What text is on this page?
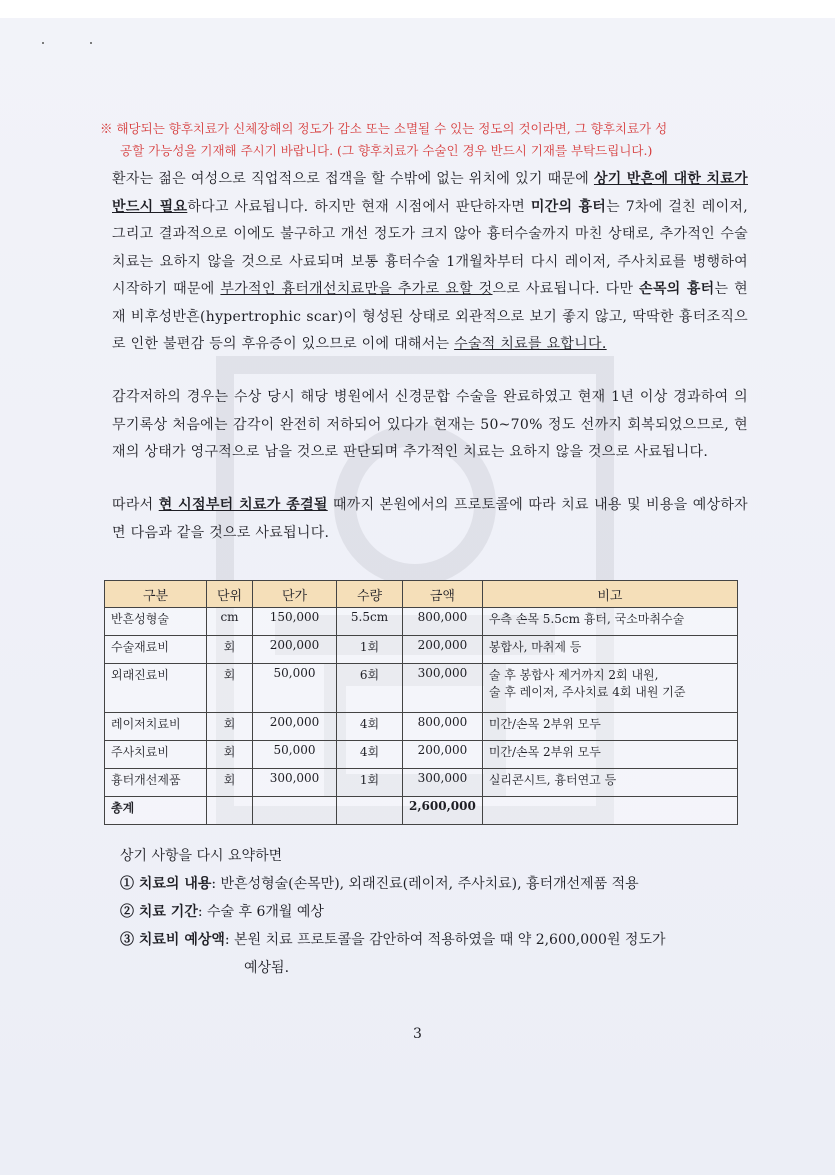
※ 해당되는 향후치료가 신체장해의 정도가 감소 또는 소멸될 수 있는 정도의 것이라면, 그 향후치료가 성
공할 가능성을 기재해 주시기 바랍니다. (그 향후치료가 수술인 경우 반드시 기재를 부탁드립니다.)
환자는 젊은 여성으로 직업적으로 접객을 할 수밖에 없는 위치에 있기 때문에 상기 반흔에 대한 치료가 반드시 필요하다고 사료됩니다. 하지만 현재 시점에서 판단하자면 미간의 흉터는 7차에 걸친 레이저, 그리고 결과적으로 이에도 불구하고 개선 정도가 크지 않아 흉터수술까지 마친 상태로, 추가적인 수술치료는 요하지 않을 것으로 사료되며 보통 흉터수술 1개월차부터 다시 레이저, 주사치료를 병행하여 시작하기 때문에 부가적인 흉터개선치료만을 추가로 요할 것으로 사료됩니다. 다만 손목의 흉터는 현재 비후성반흔(hypertrophic scar)이 형성된 상태로 외관적으로 보기 좋지 않고, 딱딱한 흉터조직으로 인한 불편감 등의 후유증이 있으므로 이에 대해서는 수술적 치료를 요합니다.
감각저하의 경우는 수상 당시 해당 병원에서 신경문합 수술을 완료하였고 현재 1년 이상 경과하여 의무기록상 처음에는 감각이 완전히 저하되어 있다가 현재는 50~70% 정도 선까지 회복되었으므로, 현재의 상태가 영구적으로 남을 것으로 판단되며 추가적인 치료는 요하지 않을 것으로 사료됩니다.
따라서 현 시점부터 치료가 종결될 때까지 본원에서의 프로토콜에 따라 치료 내용 및 비용을 예상하자면 다음과 같을 것으로 사료됩니다.
구분	단위	단가	수량	금액	비고
반흔성형술	cm	150,000	5.5cm	800,000	우측 손목 5.5cm 흉터, 국소마취수술
수술재료비	회	200,000	1회	200,000	봉합사, 마취제 등
외래진료비	회	50,000	6회	300,000	술 후 봉합사 제거까지 2회 내원,
술 후 레이저, 주사치료 4회 내원 기준

레이저치료비	회	200,000	4회	800,000	미간/손목 2부위 모두
주사치료비	회	50,000	4회	200,000	미간/손목 2부위 모두
흉터개선제품	회	300,000	1회	300,000	실리콘시트, 흉터연고 등
총계				2,600,000	
상기 사항을 다시 요약하면
① 치료의 내용: 반흔성형술(손목만), 외래진료(레이저, 주사치료), 흉터개선제품 적용
② 치료 기간: 수술 후 6개월 예상
③ 치료비 예상액: 본원 치료 프로토콜을 감안하여 적용하였을 때 약 2,600,000원 정도가
예상됨.
3
